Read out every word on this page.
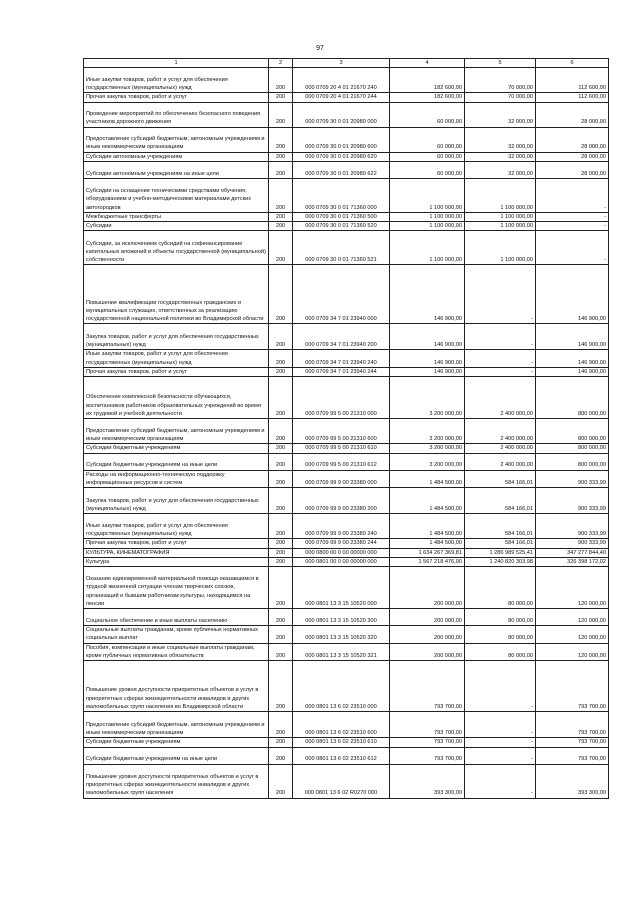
97
1	2	3	4	5	6
Иные закупки товаров, работ и услуг для обеспечения государственных (муниципальных) нужд	200	000 0709 20 4 01 21670 240	182 600,00	70 000,00	112 600,00
Прочая закупка товаров, работ и услуг	200	000 0709 20 4 01 21670 244	182 600,00	70 000,00	112 600,00
Проведение мероприятий по обеспечению безопасного поведения участников дорожного движения	200	000 0709 30 0 01 20980 000	60 000,00	32 000,00	28 000,00
Предоставление субсидий бюджетным, автономным учреждениям и иным некоммерческим организациям	200	000 0709 30 0 01 20980 600	60 000,00	32 000,00	28 000,00
Субсидии автономным учреждениям	200	000 0709 30 0 01 20980 620	60 000,00	32 000,00	28 000,00
Субсидии автономным учреждениям на иные цели	200	000 0709 30 0 01 20980 622	60 000,00	32 000,00	28 000,00
Субсидии на оснащение техническими средствами обучения, оборудованием и учебно-методическими материалами детских автогородков	200	000 0709 30 0 01 71360 000	1 100 000,00	1 100 000,00	-
Межбюджетные трансферты	200	000 0709 30 0 01 71360 500	1 100 000,00	1 100 000,00	-
Субсидии	200	000 0709 30 0 01 71360 520	1 100 000,00	1 100 000,00	-
Субсидии, за исключением субсидий на софинансирование капитальных вложений в объекты государственной (муниципальной) собственности	200	000 0709 30 0 01 71360 521	1 100 000,00	1 100 000,00	-
Повышение квалификации государственных гражданских и муниципальных служащих, ответственных за реализацию государственной национальной политики во Владимирской области	200	000 0709 34 7 01 23940 000	146 900,00	-	146 900,00
Закупка товаров, работ и услуг для обеспечения государственных (муниципальных) нужд	200	000 0709 34 7 01 23940 200	146 900,00	-	146 900,00
Иные закупки товаров, работ и услуг для обеспечения государственных (муниципальных) нужд	200	000 0709 34 7 01 23940 240	146 900,00	-	146 900,00
Прочая закупка товаров, работ и услуг	200	000 0709 34 7 01 23940 244	146 900,00	-	146 900,00
Обеспечение комплексной безопасности обучающихся, воспитанников работников образовательных учреждений во время их трудовой и учебной деятельности	200	000 0709 99 5 00 21310 000	3 200 000,00	2 400 000,00	800 000,00
Предоставление субсидий бюджетным, автономным учреждениям и иным некоммерческим организациям	200	000 0709 99 5 00 21310 600	3 200 000,00	2 400 000,00	800 000,00
Субсидии бюджетным учреждениям	200	000 0709 99 5 00 21310 610	3 200 000,00	2 400 000,00	800 000,00
Субсидии бюджетным учреждениям на иные цели	200	000 0709 99 5 00 21310 612	3 200 000,00	2 400 000,00	800 000,00
Расходы на информационно-техническую поддержку информационных ресурсов и систем	200	000 0709 99 9 00 23380 000	1 484 500,00	584 166,01	900 333,99
Закупка товаров, работ и услуг для обеспечения государственных (муниципальных) нужд	200	000 0709 99 9 00 23380 200	1 484 500,00	584 166,01	900 333,99
Иные закупки товаров, работ и услуг для обеспечения государственных (муниципальных) нужд	200	000 0709 99 9 00 23380 240	1 484 500,00	584 166,01	900 333,99
Прочая закупка товаров, работ и услуг	200	000 0709 99 9 00 23380 244	1 484 500,00	584 166,01	900 333,99
КУЛЬТУРА, КИНЕМАТОГРАФИЯ	200	000 0800 00 0 00 00000 000	1 634 267 369,81	1 286 989 525,41	347 277 844,40
Культура	200	000 0801 00 0 00 00000 000	1 567 218 476,00	1 240 820 303,98	326 398 172,02
Оказание единовременной материальной помощи оказавшимся в трудной жизненной ситуации членам творческих союзов, организаций и бывшим работникам культуры, находящимся на пенсии	200	000 0801 13 3 15 10520 000	200 000,00	80 000,00	120 000,00
Социальное обеспечение и иные выплаты населению	200	000 0801 13 3 15 10520 300	200 000,00	80 000,00	120 000,00
Социальные выплаты гражданам, кроме публичных нормативных социальных выплат	200	000 0801 13 3 15 10520 320	200 000,00	80 000,00	120 000,00
Пособия, компенсации и иные социальные выплаты гражданам, кроме публичных нормативных обязательств	200	000 0801 13 3 15 10520 321	200 000,00	80 000,00	120 000,00
Повышение уровня доступности приоритетных объектов и услуг в приоритетных сферах жизнедеятельности инвалидов и других маломобильных групп населения во Владимирской области	200	000 0801 13 6 02 23510 000	793 700,00	-	793 700,00
Предоставление субсидий бюджетным, автономным учреждениям и иным некоммерческим организациям	200	000 0801 13 6 02 23510 600	793 700,00	-	793 700,00
Субсидии бюджетным учреждениям	200	000 0801 13 6 02 23510 610	793 700,00	-	793 700,00
Субсидии бюджетным учреждениям на иные цели	200	000 0801 13 6 02 23510 612	793 700,00	-	793 700,00
Повышение уровня доступности приоритетных объектов и услуг в приоритетных сферах жизнедеятельности инвалидов и других маломобильных групп населения	200	000 0801 13 6 02 R0270 000	393 300,00	-	393 300,00
